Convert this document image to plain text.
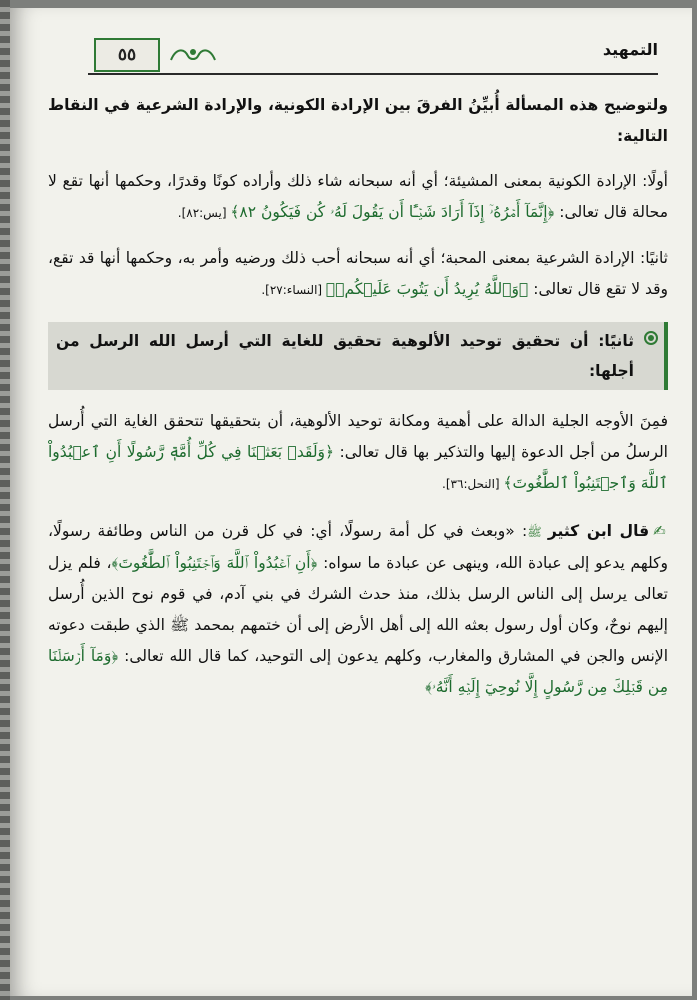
٥٥	التمهيد

ولتوضيح هذه المسألة أُبيِّنُ الفرقَ بين الإرادة الكونية، والإرادة الشرعية في النقاط التالية:

أولًا: الإرادة الكونية بمعنى المشيئة؛ أي أنه سبحانه شاء ذلك وأراده كونًا وقدرًا، وحكمها أنها تقع لا محالة قال تعالى: ﴿إِنَّمَآ أَمۡرُهُۥٓ إِذَآ أَرَادَ شَيۡـًٔا أَن يَقُولَ لَهُۥ كُن فَيَكُونُ ٨٢﴾ [يس:٨٢].

ثانيًا: الإرادة الشرعية بمعنى المحبة؛ أي أنه سبحانه أحب ذلك ورضيه وأمر به، وحكمها أنها قد تقع، وقد لا تقع قال تعالى: ﴿وَٱللَّهُ يُرِيدُ أَن يَتُوبَ عَلَيۡكُمۡ﴾ [النساء:٢٧].

ثانيًا: أن تحقيق توحيد الألوهية تحقيق للغاية التي أرسل الله الرسل من أجلها:

فمِنَ الأوجه الجلية الدالة على أهمية ومكانة توحيد الألوهية، أن بتحقيقها تتحقق الغاية التي أُرسل الرسلُ من أجل الدعوة إليها والتذكير بها قال تعالى: ﴿وَلَقَدۡ بَعَثۡنَا فِي كُلِّ أُمَّةٖ رَّسُولًا أَنِ ٱعۡبُدُواْ ٱللَّهَ وَٱجۡتَنِبُواْ ٱلطَّٰغُوتَ﴾ [النحل:٣٦].

✍قال ابن كثير ﷺ: «وبعث في كل أمة رسولًا، أي: في كل قرن من الناس وطائفة رسولًا، وكلهم يدعو إلى عبادة الله، وينهى عن عبادة ما سواه: ﴿أَنِ ٱعۡبُدُواْ ٱللَّهَ وَٱجۡتَنِبُواْ ٱلطَّٰغُوتَ﴾، فلم يزل تعالى يرسل إلى الناس الرسل بذلك، منذ حدث الشرك في بني آدم، في قوم نوح الذين أُرسل إليهم نوحٌ، وكان أول رسول بعثه الله إلى أهل الأرض إلى أن ختمهم بمحمد ﷺ الذي طبقت دعوته الإنس والجن في المشارق والمغارب، وكلهم يدعون إلى التوحيد، كما قال الله تعالى: ﴿وَمَآ أَرۡسَلۡنَا مِن قَبۡلِكَ مِن رَّسُولٍ إِلَّا نُوحِيٓ إِلَيۡهِ أَنَّهُۥ﴾
